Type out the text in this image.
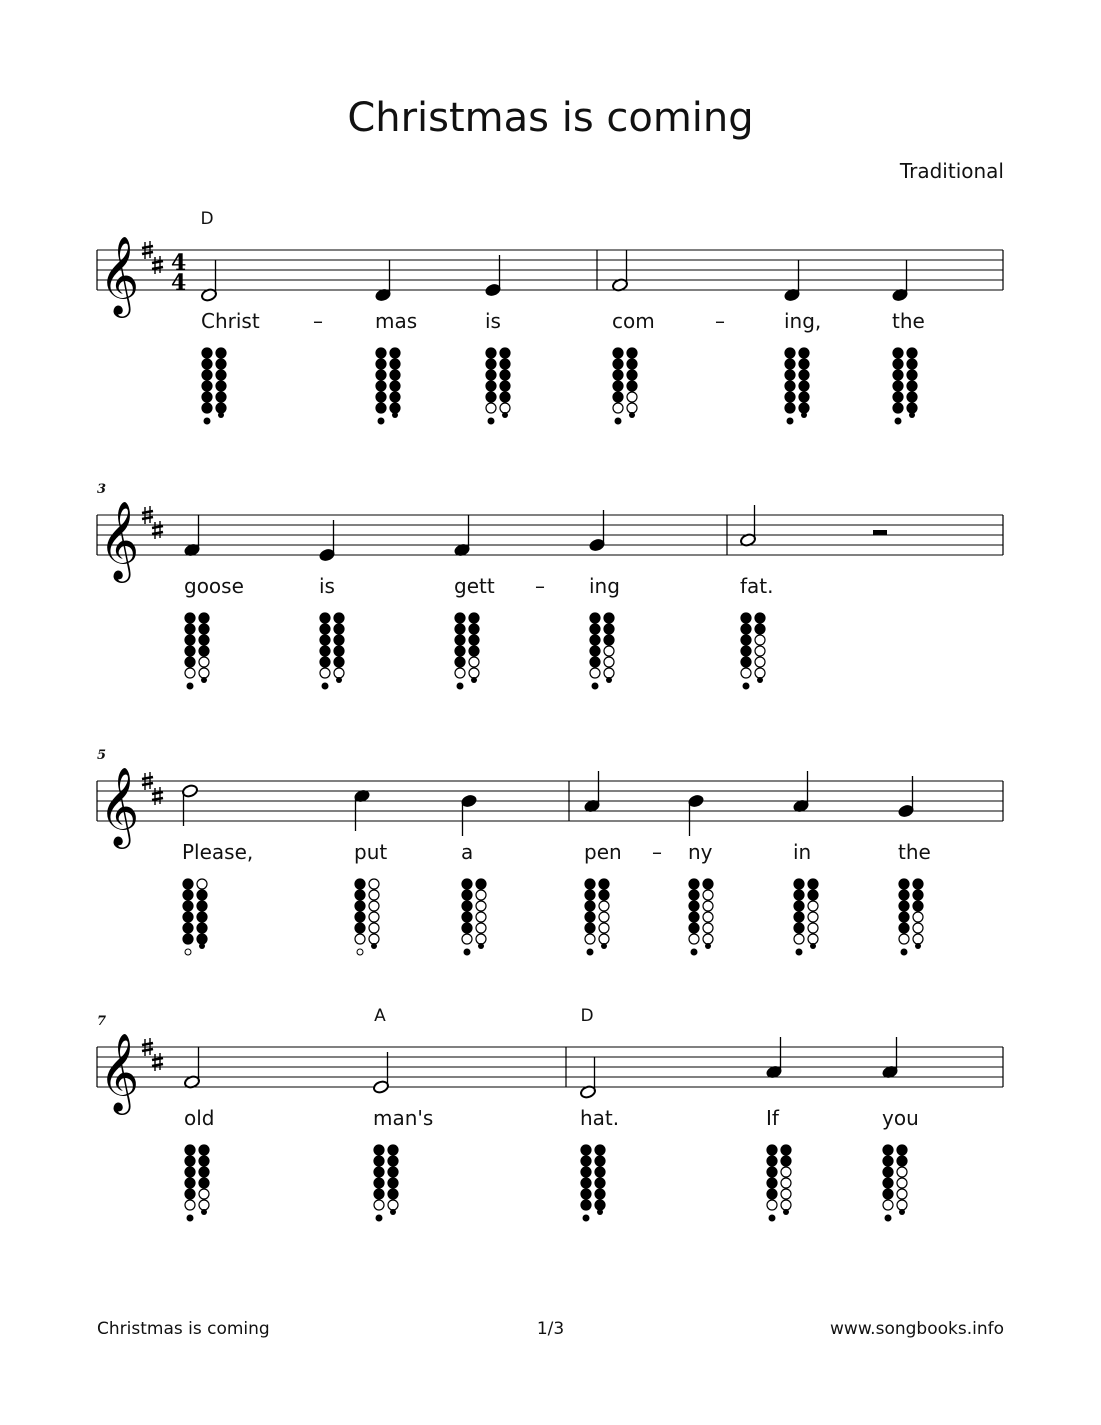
Christmas is coming
Traditional
𝄞 4
4
D
Christ	–	mas	is	com	–	ing,	the
𝄞
3
goose	is	gett – ing	fat.
𝄞
5
Please,	put	a	pen – ny	in	the
𝄞
7	A	D
old	man's	hat.	If	you
Christmas is coming	1/3	www.songbooks.info
